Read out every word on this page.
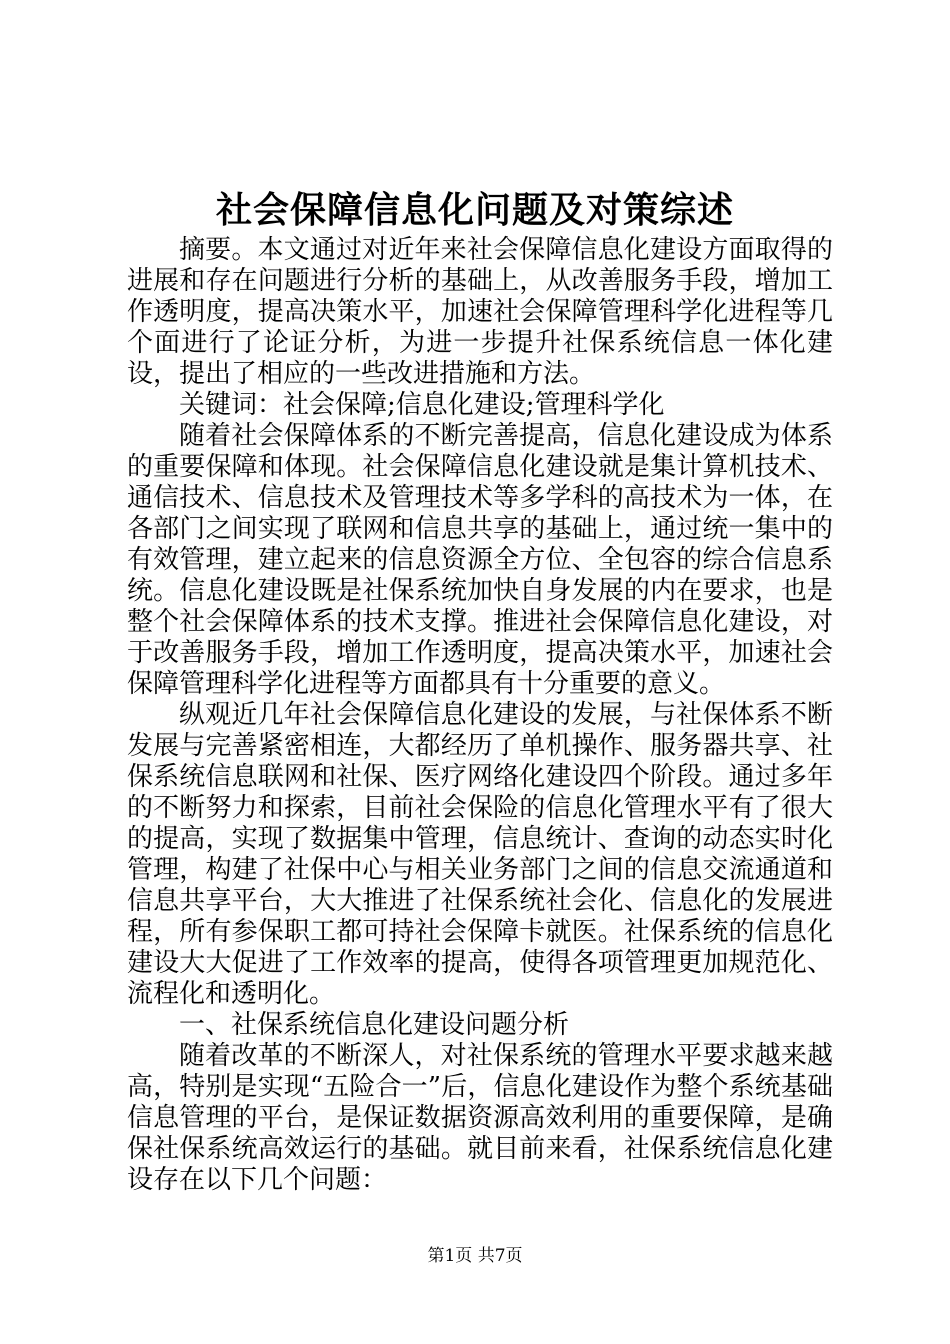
社会保障信息化问题及对策综述

摘要。本文通过对近年来社会保障信息化建设方面取得的进展和存在问题进行分析的基础上，从改善服务手段，增加工作透明度，提高决策水平，加速社会保障管理科学化进程等几个面进行了论证分析，为进一步提升社保系统信息一体化建设，提出了相应的一些改进措施和方法。

关键词：社会保障;信息化建设;管理科学化

随着社会保障体系的不断完善提高，信息化建设成为体系的重要保障和体现。社会保障信息化建设就是集计算机技术、通信技术、信息技术及管理技术等多学科的高技术为一体，在各部门之间实现了联网和信息共享的基础上，通过统一集中的有效管理，建立起来的信息资源全方位、全包容的综合信息系统。信息化建设既是社保系统加快自身发展的内在要求，也是整个社会保障体系的技术支撑。推进社会保障信息化建设，对于改善服务手段，增加工作透明度，提高决策水平，加速社会保障管理科学化进程等方面都具有十分重要的意义。

纵观近几年社会保障信息化建设的发展，与社保体系不断发展与完善紧密相连，大都经历了单机操作、服务器共享、社保系统信息联网和社保、医疗网络化建设四个阶段。通过多年的不断努力和探索，目前社会保险的信息化管理水平有了很大的提高，实现了数据集中管理，信息统计、查询的动态实时化管理，构建了社保中心与相关业务部门之间的信息交流通道和信息共享平台，大大推进了社保系统社会化、信息化的发展进程，所有参保职工都可持社会保障卡就医。社保系统的信息化建设大大促进了工作效率的提高，使得各项管理更加规范化、流程化和透明化。

一、社保系统信息化建设问题分析

随着改革的不断深人，对社保系统的管理水平要求越来越高，特别是实现“五险合一”后，信息化建设作为整个系统基础信息管理的平台，是保证数据资源高效利用的重要保障，是确保社保系统高效运行的基础。就目前来看，社保系统信息化建设存在以下几个问题：

第1页 共7页
